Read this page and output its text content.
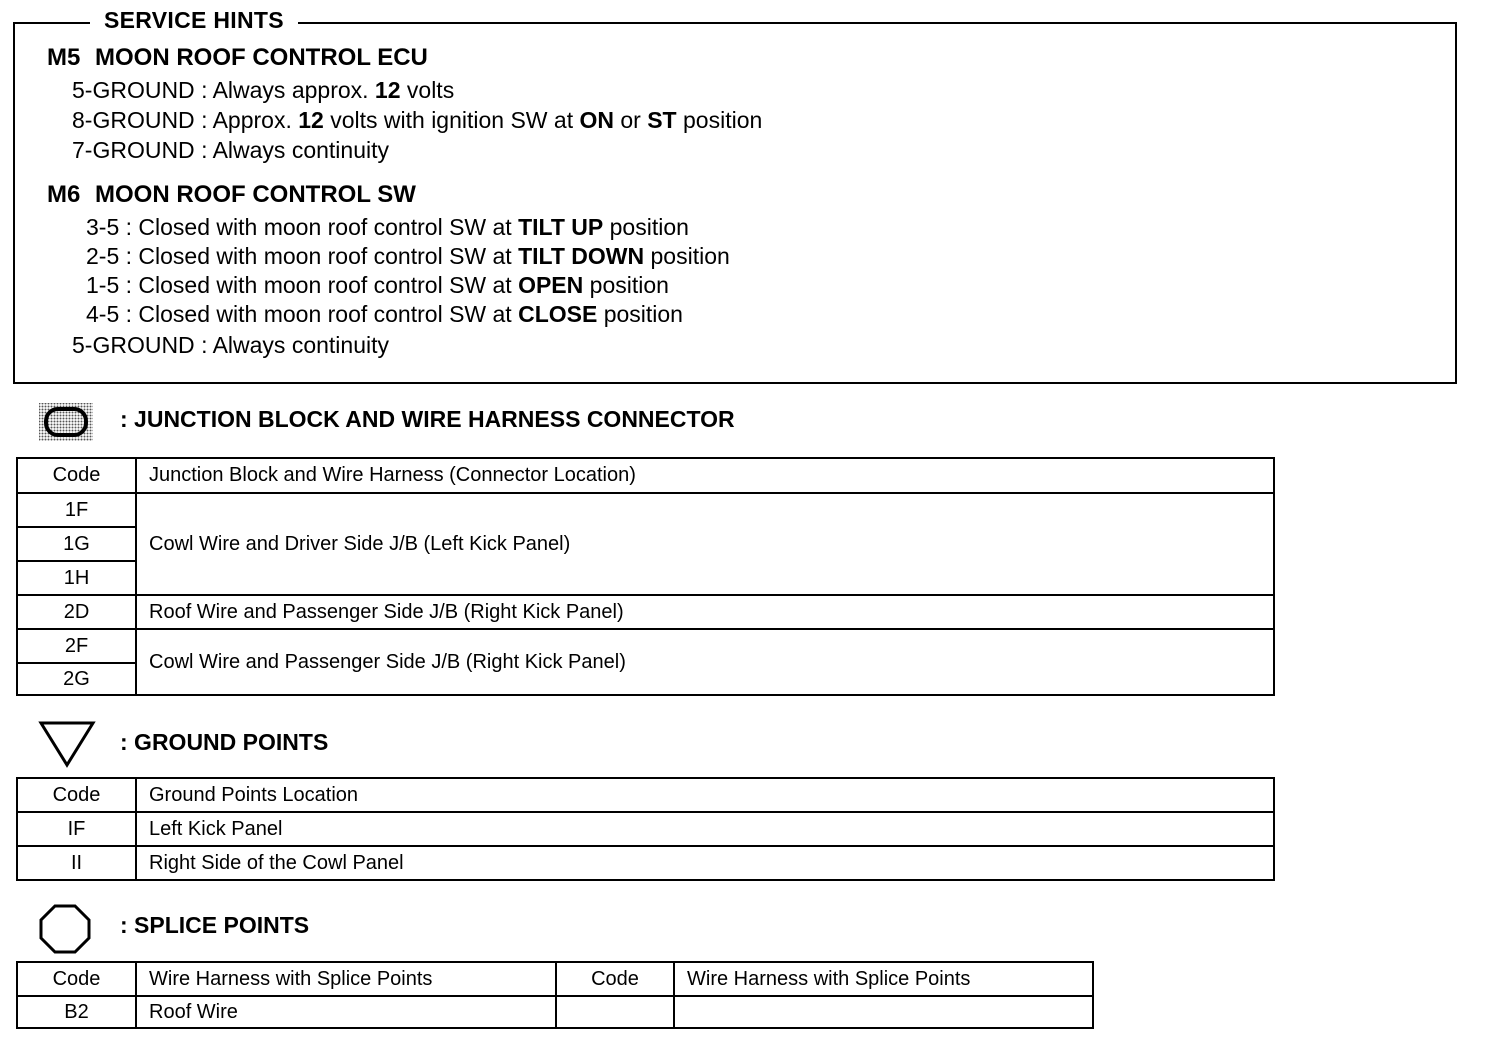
SERVICE HINTS
M5 MOON ROOF CONTROL ECU
5-GROUND : Always approx. 12 volts
8-GROUND : Approx. 12 volts with ignition SW at ON or ST position
7-GROUND : Always continuity
M6 MOON ROOF CONTROL SW
3-5 : Closed with moon roof control SW at TILT UP position
2-5 : Closed with moon roof control SW at TILT DOWN position
1-5 : Closed with moon roof control SW at OPEN position
4-5 : Closed with moon roof control SW at CLOSE position
5-GROUND : Always continuity
: JUNCTION BLOCK AND WIRE HARNESS CONNECTOR
Code	Junction Block and Wire Harness (Connector Location)
1F	Cowl Wire and Driver Side J/B (Left Kick Panel)
1G	
1H	
2D	Roof Wire and Passenger Side J/B (Right Kick Panel)
2F	Cowl Wire and Passenger Side J/B (Right Kick Panel)
2G	
: GROUND POINTS
Code	Ground Points Location
IF	Left Kick Panel
II	Right Side of the Cowl Panel
: SPLICE POINTS
Code	Wire Harness with Splice Points	Code	Wire Harness with Splice Points
B2	Roof Wire		
